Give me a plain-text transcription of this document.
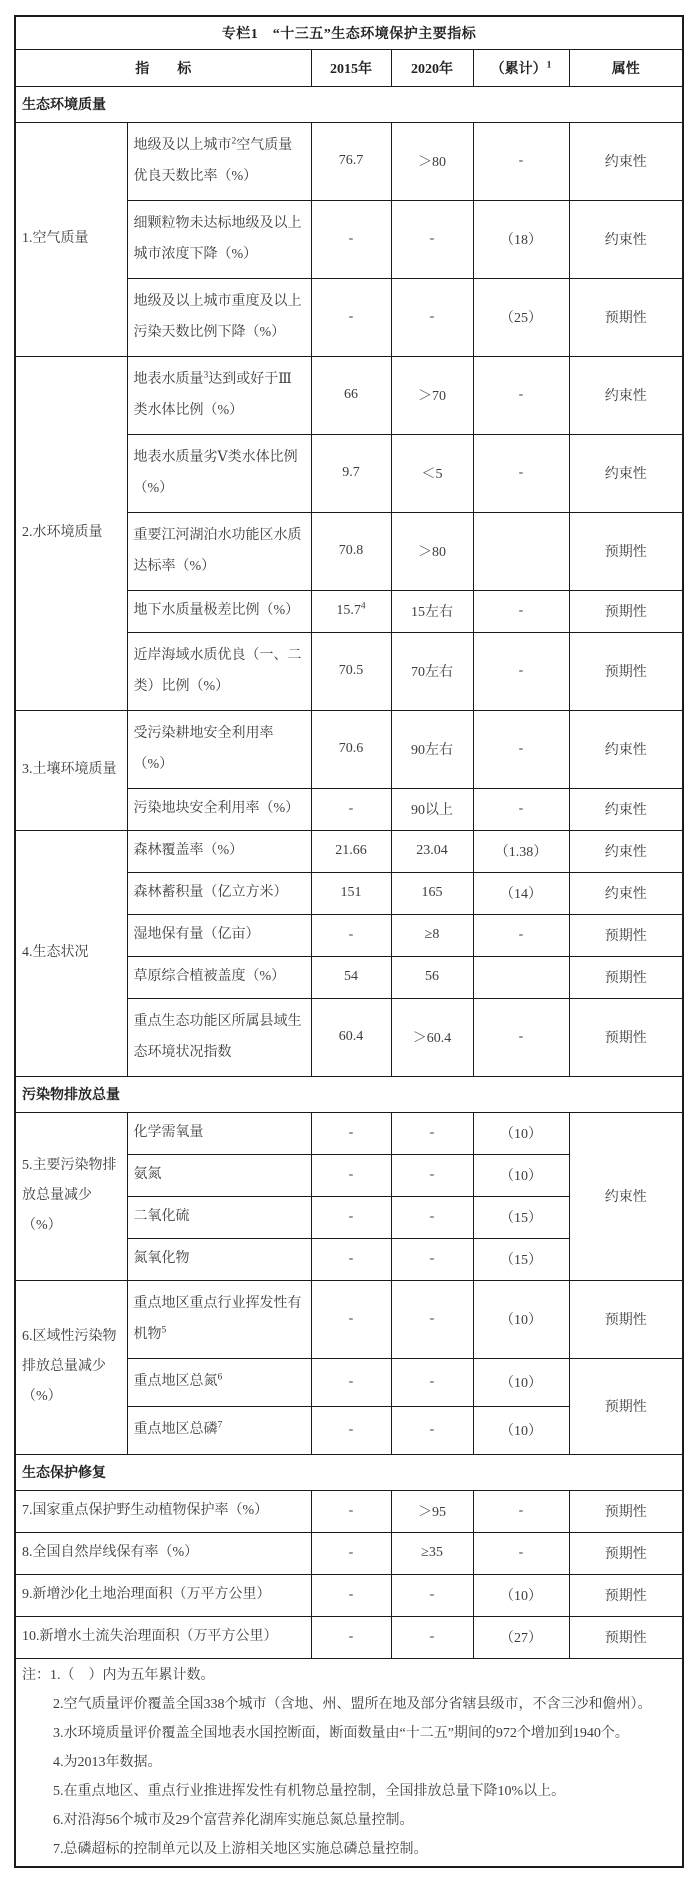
专栏1　“十三五”生态环境保护主要指标					
指　　标		2015年	2020年	（累计）$^1$	属性
生态环境质量					
1.空气质量	地级及以上城市$^2$空气质量优良天数比率（%）	76.7	＞80	-	约束性
	细颗粒物未达标地级及以上城市浓度下降（%）	-	-	（18）	约束性
	地级及以上城市重度及以上污染天数比例下降（%）	-	-	（25）	预期性
2.水环境质量	地表水质量$^3$达到或好于Ⅲ类水体比例（%）	66	＞70	-	约束性
	地表水质量劣Ⅴ类水体比例（%）	9.7	＜5	-	约束性
	重要江河湖泊水功能区水质达标率（%）	70.8	＞80		预期性
	地下水质量极差比例（%）	15.7$^4$	15左右	-	预期性
	近岸海域水质优良（一、二类）比例（%）	70.5	70左右	-	预期性
3.土壤环境质量	受污染耕地安全利用率（%）	70.6	90左右	-	约束性
	污染地块安全利用率（%）	-	90以上	-	约束性
4.生态状况	森林覆盖率（%）	21.66	23.04	（1.38）	约束性
	森林蓄积量（亿立方米）	151	165	（14）	约束性
	湿地保有量（亿亩）	-	≥8	-	预期性
	草原综合植被盖度（%）	54	56		预期性
	重点生态功能区所属县域生态环境状况指数	60.4	＞60.4	-	预期性
污染物排放总量					
5.主要污染物排放总量减少（%）	化学需氧量	-	-	（10）	约束性
	氨氮	-	-	（10）	
	二氧化硫	-	-	（15）	
	氮氧化物	-	-	（15）	
6.区域性污染物排放总量减少（%）	重点地区重点行业挥发性有机物$^5$	-	-	（10）	预期性
	重点地区总氮$^6$	-	-	（10）	预期性
	重点地区总磷$^7$	-	-	（10）	
生态保护修复					
7.国家重点保护野生动植物保护率（%）		-	＞95	-	预期性
8.全国自然岸线保有率（%）		-	≥35	-	预期性
9.新增沙化土地治理面积（万平方公里）		-	-	（10）	预期性
10.新增水土流失治理面积（万平方公里）		-	-	（27）	预期性

注：1.（　）内为五年累计数。
2.空气质量评价覆盖全国338个城市（含地、州、盟所在地及部分省辖县级市，不含三沙和儋州）。
3.水环境质量评价覆盖全国地表水国控断面，断面数量由“十二五”期间的972个增加到1940个。
4.为2013年数据。
5.在重点地区、重点行业推进挥发性有机物总量控制，全国排放总量下降10%以上。
6.对沿海56个城市及29个富营养化湖库实施总氮总量控制。
7.总磷超标的控制单元以及上游相关地区实施总磷总量控制。
